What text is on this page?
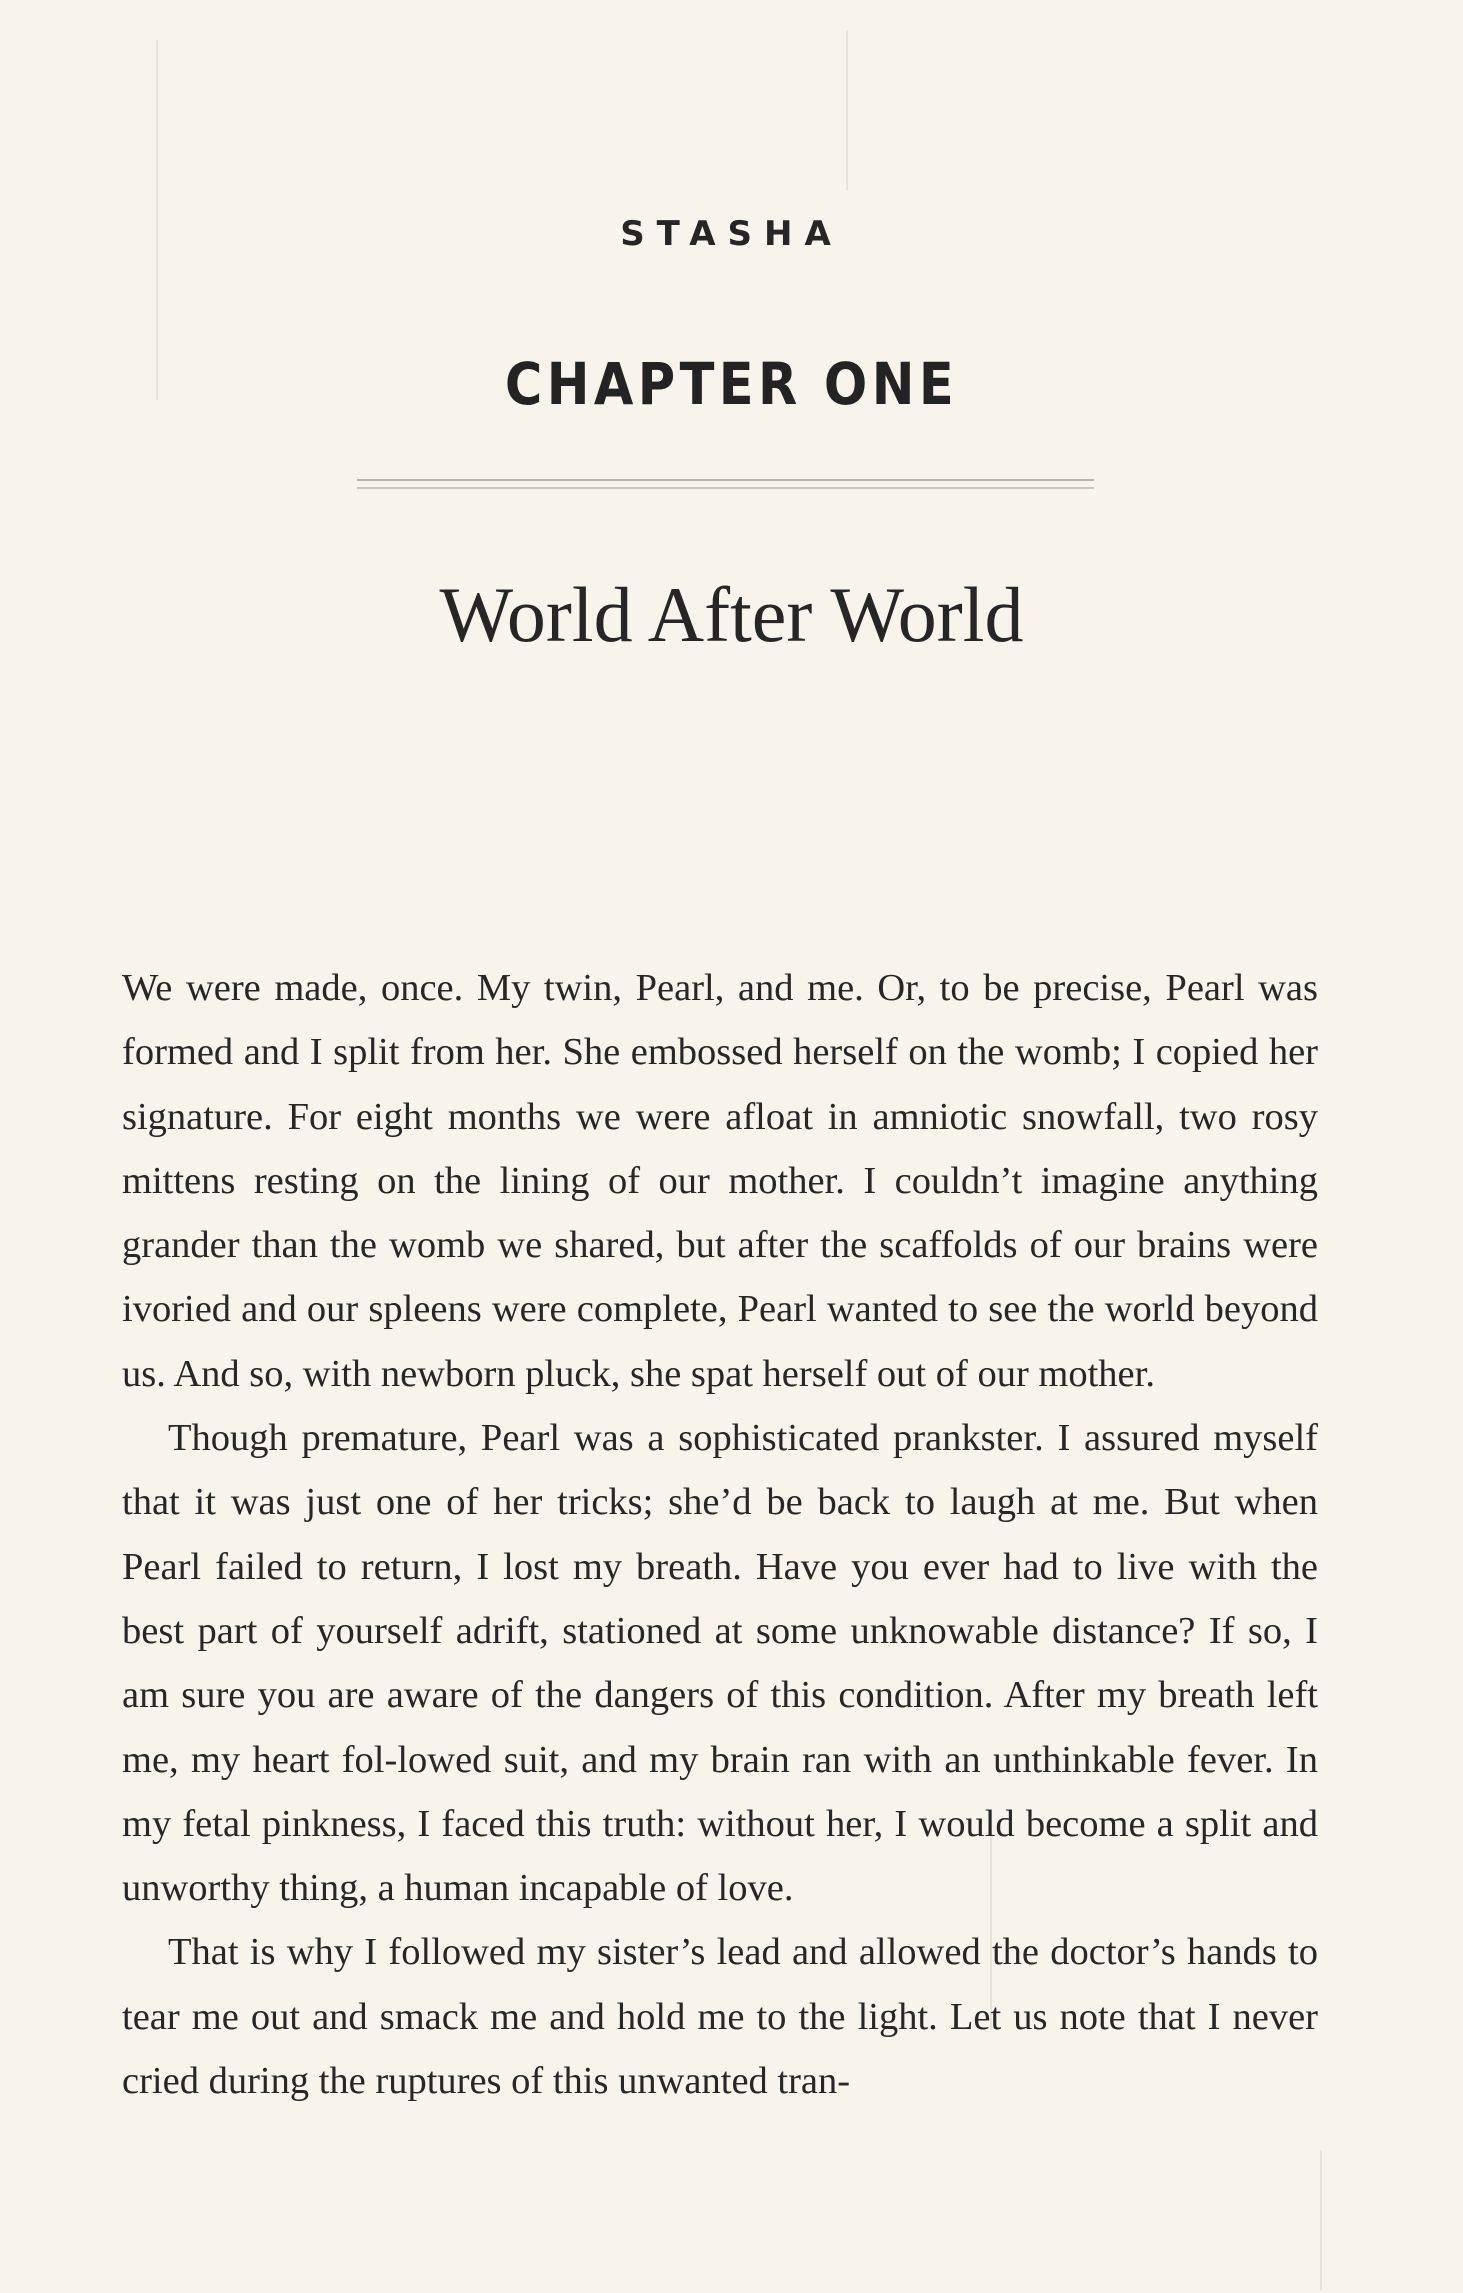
STASHA
CHAPTER ONE
World After World

We were made, once. My twin, Pearl, and me. Or, to be precise, Pearl was formed and I split from her. She embossed herself on the womb; I copied her signature. For eight months we were afloat in amniotic snowfall, two rosy mittens resting on the lining of our mother. I couldn’t imagine anything grander than the womb we shared, but after the scaffolds of our brains were ivoried and our spleens were complete, Pearl wanted to see the world beyond us. And so, with newborn pluck, she spat herself out of our mother.

Though premature, Pearl was a sophisticated prankster. I assured myself that it was just one of her tricks; she’d be back to laugh at me. But when Pearl failed to return, I lost my breath. Have you ever had to live with the best part of yourself adrift, stationed at some unknowable distance? If so, I am sure you are aware of the dangers of this condition. After my breath left me, my heart fol-lowed suit, and my brain ran with an unthinkable fever. In my fetal pinkness, I faced this truth: without her, I would become a split and unworthy thing, a human incapable of love.

That is why I followed my sister’s lead and allowed the doctor’s hands to tear me out and smack me and hold me to the light. Let us note that I never cried during the ruptures of this unwanted tran-
